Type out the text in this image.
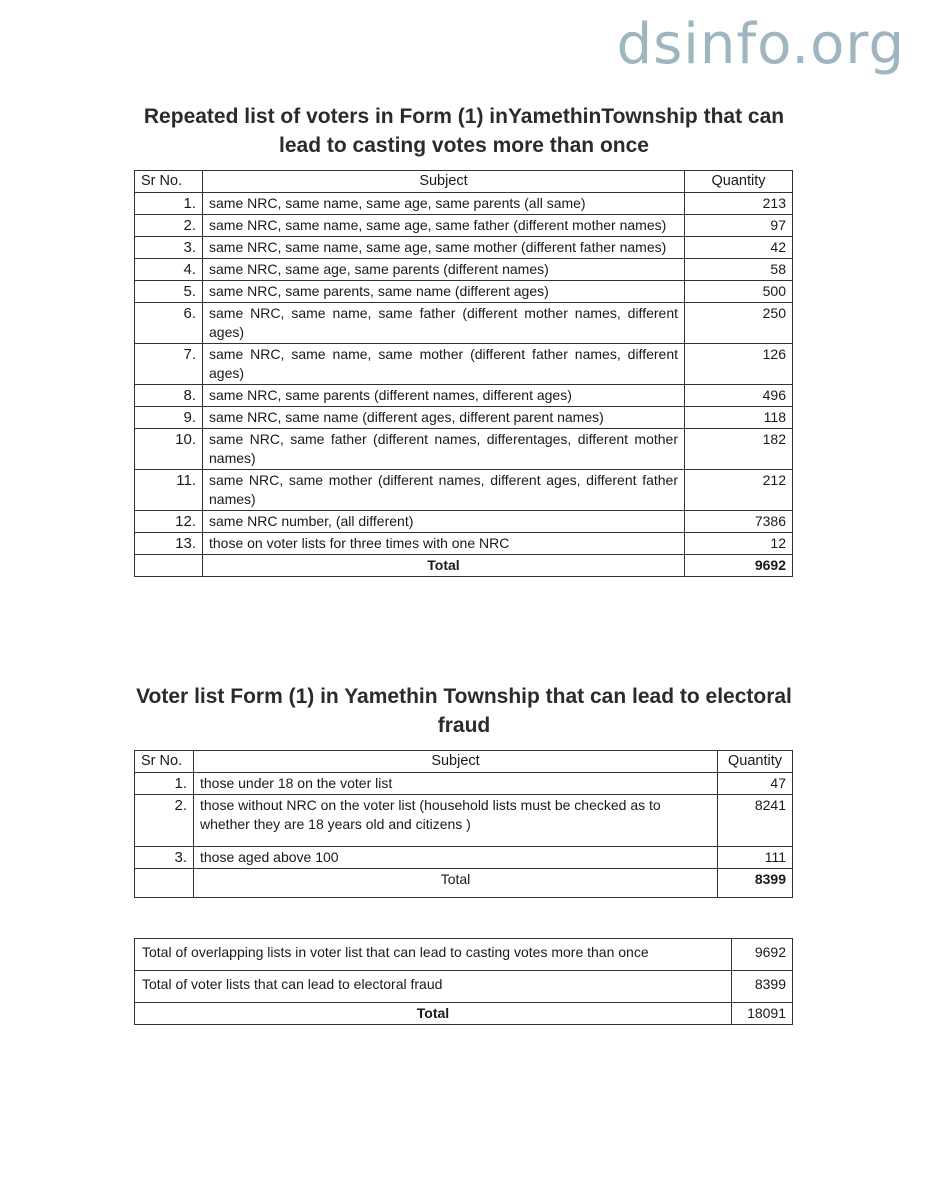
dsinfo.org
Repeated list of voters in Form (1) inYamethinTownship that can
lead to casting votes more than once
Sr No.	Subject	Quantity
1.	same NRC, same name, same age, same parents (all same)	213
2.	same NRC, same name, same age, same father (different mother names)	97
3.	same NRC, same name, same age, same mother (different father names)	42
4.	same NRC, same age, same parents (different names)	58
5.	same NRC, same parents, same name (different ages)	500
6.	same NRC, same name, same father (different mother names, different ages)	250
7.	same NRC, same name, same mother (different father names, different ages)	126
8.	same NRC, same parents (different names, different ages)	496
9.	same NRC, same name (different ages, different parent names)	118
10.	same NRC, same father (different names, differentages, different mother names)	182
11.	same NRC, same mother (different names, different ages, different father names)	212
12.	same NRC number, (all different)	7386
13.	those on voter lists for three times with one NRC	12
	Total	9692
Voter list Form (1) in Yamethin Township that can lead to electoral
fraud
Sr No.	Subject	Quantity
1.	those under 18 on the voter list	47
2.	those without NRC on the voter list (household lists must be checked as to whether they are 18 years old and citizens )	8241
3.	those aged above 100	111
	Total	8399
Total of overlapping lists in voter list that can lead to casting votes more than once	9692
Total of voter lists that can lead to electoral fraud	8399
Total	18091
